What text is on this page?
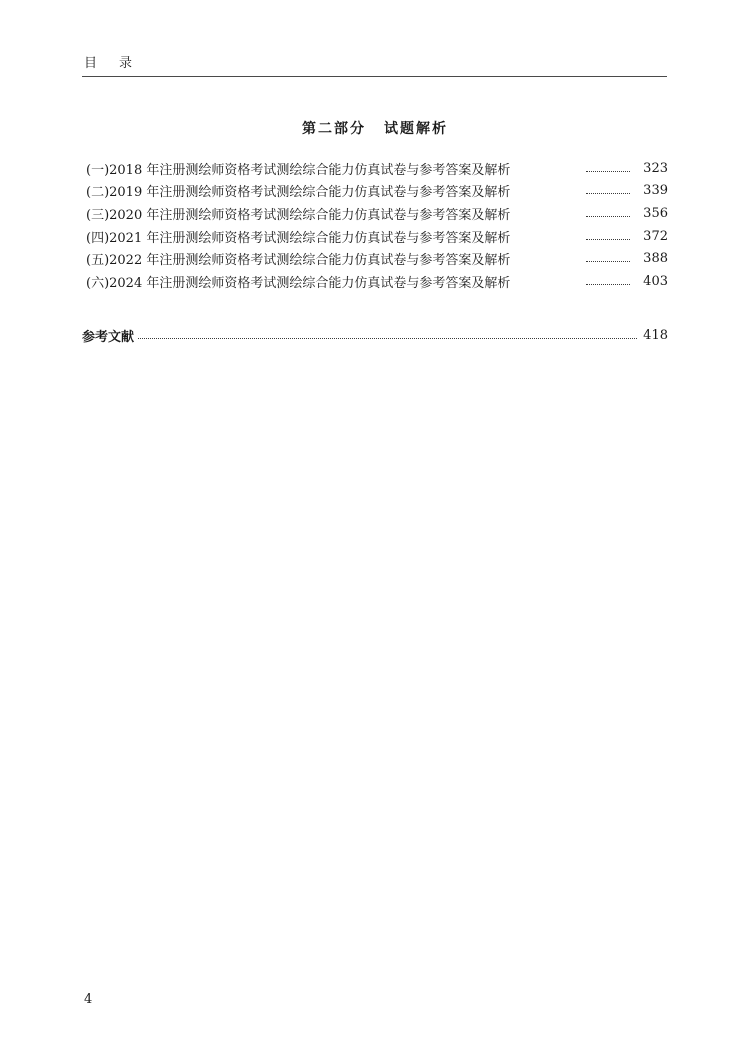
目 录
第二部分 试题解析
(一)2018 年注册测绘师资格考试测绘综合能力仿真试卷与参考答案及解析	323
(二)2019 年注册测绘师资格考试测绘综合能力仿真试卷与参考答案及解析	339
(三)2020 年注册测绘师资格考试测绘综合能力仿真试卷与参考答案及解析	356
(四)2021 年注册测绘师资格考试测绘综合能力仿真试卷与参考答案及解析	372
(五)2022 年注册测绘师资格考试测绘综合能力仿真试卷与参考答案及解析	388
(六)2024 年注册测绘师资格考试测绘综合能力仿真试卷与参考答案及解析	403
参考文献	418
4
